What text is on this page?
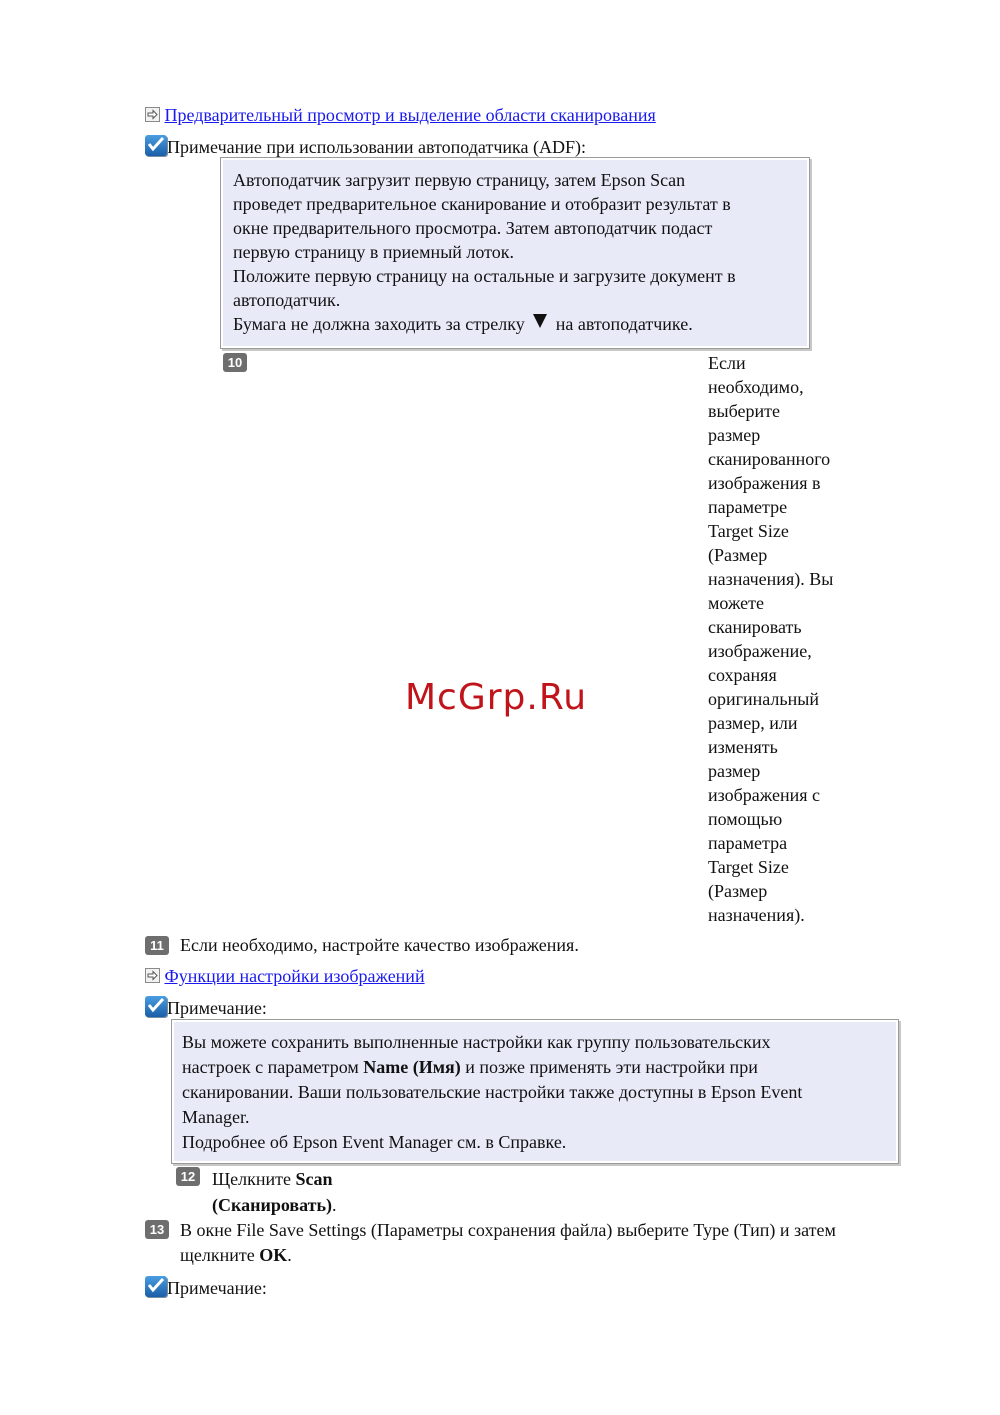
Предварительный просмотр и выделение области сканирования
Примечание при использовании автоподатчика (ADF):

Автоподатчик загрузит первую страницу, затем Epson Scan

проведет предварительное сканирование и отобразит результат в

окне предварительного просмотра. Затем автоподатчик подаст

первую страницу в приемный лоток.

Положите первую страницу на остальные и загрузите документ в

автоподатчик.

Бумага не должна заходить за стрелку на автоподатчике.

10	Если
необходимо,
выберите
размер
сканированного
изображения в
параметре
Target Size
(Размер
назначения). Вы
можете
сканировать
изображение,
сохраняя
оригинальный
размер, или
изменять
размер
изображения с
помощью
параметра
Target Size
(Размер
назначения).
McGrp.Ru
11 Если необходимо, настройте качество изображения.
Функции настройки изображений
Примечание:

Вы можете сохранить выполненные настройки как группу пользовательских

настроек с параметром Name (Имя) и позже применять эти настройки при

сканировании. Ваши пользовательские настройки также доступны в Epson Event

Manager.

Подробнее об Epson Event Manager см. в Справке.

12 Щелкните Scan
(Сканировать).
13 В окне File Save Settings (Параметры сохранения файла) выберите Type (Тип) и затем
щелкните OK.
Примечание:
